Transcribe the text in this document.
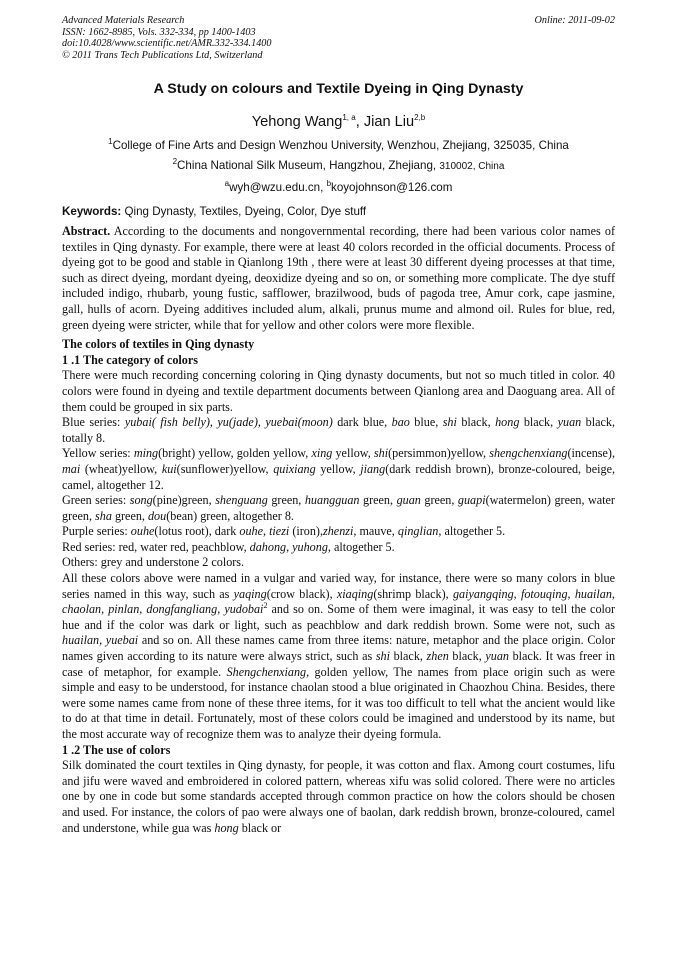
Advanced Materials Research
ISSN: 1662-8985, Vols. 332-334, pp 1400-1403
doi:10.4028/www.scientific.net/AMR.332-334.1400
© 2011 Trans Tech Publications Ltd, Switzerland
Online: 2011-09-02
A Study on colours and Textile Dyeing in Qing Dynasty
Yehong Wang$^{1, a}$, Jian Liu$^{2,b}$
$^1$College of Fine Arts and Design Wenzhou University, Wenzhou, Zhejiang, 325035, China
$^2$China National Silk Museum, Hangzhou, Zhejiang, 310002, China
$^a$wyh@wzu.edu.cn, $^b$koyojohnson@126.com
Keywords: Qing Dynasty, Textiles, Dyeing, Color, Dye stuff

Abstract. According to the documents and nongovernmental recording, there had been various color names of textiles in Qing dynasty. For example, there were at least 40 colors recorded in the official documents. Process of dyeing got to be good and stable in Qianlong 19th , there were at least 30 different dyeing processes at that time, such as direct dyeing, mordant dyeing, deoxidize dyeing and so on, or something more complicate. The dye stuff included indigo, rhubarb, young fustic, safflower, brazilwood, buds of pagoda tree, Amur cork, cape jasmine, gall, hulls of acorn. Dyeing additives included alum, alkali, prunus mume and almond oil. Rules for blue, red, green dyeing were stricter, while that for yellow and other colors were more flexible.

The colors of textiles in Qing dynasty

1 .1 The category of colors

There were much recording concerning coloring in Qing dynasty documents, but not so much titled in color. 40 colors were found in dyeing and textile department documents between Qianlong area and Daoguang area. All of them could be grouped in six parts.

Blue series: yubai( fish belly), yu(jade), yuebai(moon) dark blue, bao blue, shi black, hong black, yuan black, totally 8.

Yellow series: ming(bright) yellow, golden yellow, xing yellow, shi(persimmon)yellow, shengchenxiang(incense), mai (wheat)yellow, kui(sunflower)yellow, quixiang yellow, jiang(dark reddish brown), bronze-coloured, beige, camel, altogether 12.

Green series: song(pine)green, shenguang green, huangguan green, guan green, guapi(watermelon) green, water green, sha green, dou(bean) green, altogether 8.

Purple series: ouhe(lotus root), dark ouhe, tiezi (iron),zhenzi, mauve, qinglian, altogether 5.

Red series: red, water red, peachblow, dahong, yuhong, altogether 5.

Others: grey and understone 2 colors.

All these colors above were named in a vulgar and varied way, for instance, there were so many colors in blue series named in this way, such as yaqing(crow black), xiaqing(shrimp black), gaiyangqing, fotouqing, huailan, chaolan, pinlan, dongfangliang, yudobai$^2$ and so on. Some of them were imaginal, it was easy to tell the color hue and if the color was dark or light, such as peachblow and dark reddish brown. Some were not, such as huailan, yuebai and so on. All these names came from three items: nature, metaphor and the place origin. Color names given according to its nature were always strict, such as shi black, zhen black, yuan black. It was freer in case of metaphor, for example. Shengchenxiang, golden yellow, The names from place origin such as were simple and easy to be understood, for instance chaolan stood a blue originated in Chaozhou China. Besides, there were some names came from none of these three items, for it was too difficult to tell what the ancient would like to do at that time in detail. Fortunately, most of these colors could be imagined and understood by its name, but the most accurate way of recognize them was to analyze their dyeing formula.

1 .2 The use of colors

Silk dominated the court textiles in Qing dynasty, for people, it was cotton and flax. Among court costumes, lifu and jifu were waved and embroidered in colored pattern, whereas xifu was solid colored. There were no articles one by one in code but some standards accepted through common practice on how the colors should be chosen and used. For instance, the colors of pao were always one of baolan, dark reddish brown, bronze-coloured, camel and understone, while gua was hong black or
